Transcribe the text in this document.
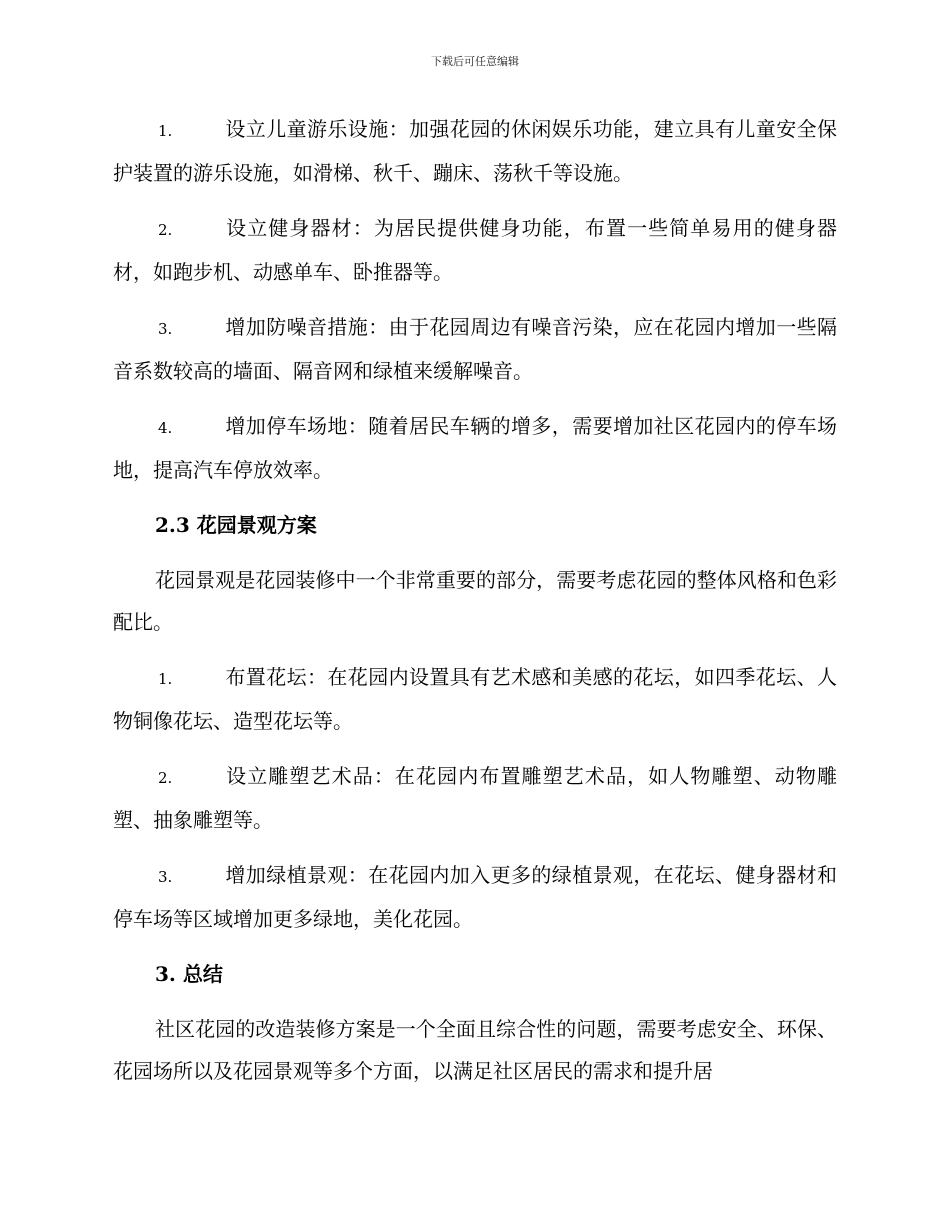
下载后可任意编辑
1.	设立儿童游乐设施：加强花园的休闲娱乐功能，建立具有儿童安全保护装置的游乐设施，如滑梯、秋千、蹦床、荡秋千等设施。
2.	设立健身器材：为居民提供健身功能，布置一些简单易用的健身器材，如跑步机、动感单车、卧推器等。
3.	增加防噪音措施：由于花园周边有噪音污染，应在花园内增加一些隔音系数较高的墙面、隔音网和绿植来缓解噪音。
4.	增加停车场地：随着居民车辆的增多，需要增加社区花园内的停车场地，提高汽车停放效率。
2.3 花园景观方案
花园景观是花园装修中一个非常重要的部分，需要考虑花园的整体风格和色彩配比。
1.	布置花坛：在花园内设置具有艺术感和美感的花坛，如四季花坛、人物铜像花坛、造型花坛等。
2.	设立雕塑艺术品：在花园内布置雕塑艺术品，如人物雕塑、动物雕塑、抽象雕塑等。
3.	增加绿植景观：在花园内加入更多的绿植景观，在花坛、健身器材和停车场等区域增加更多绿地，美化花园。
3. 总结
社区花园的改造装修方案是一个全面且综合性的问题，需要考虑安全、环保、花园场所以及花园景观等多个方面，以满足社区居民的需求和提升居
